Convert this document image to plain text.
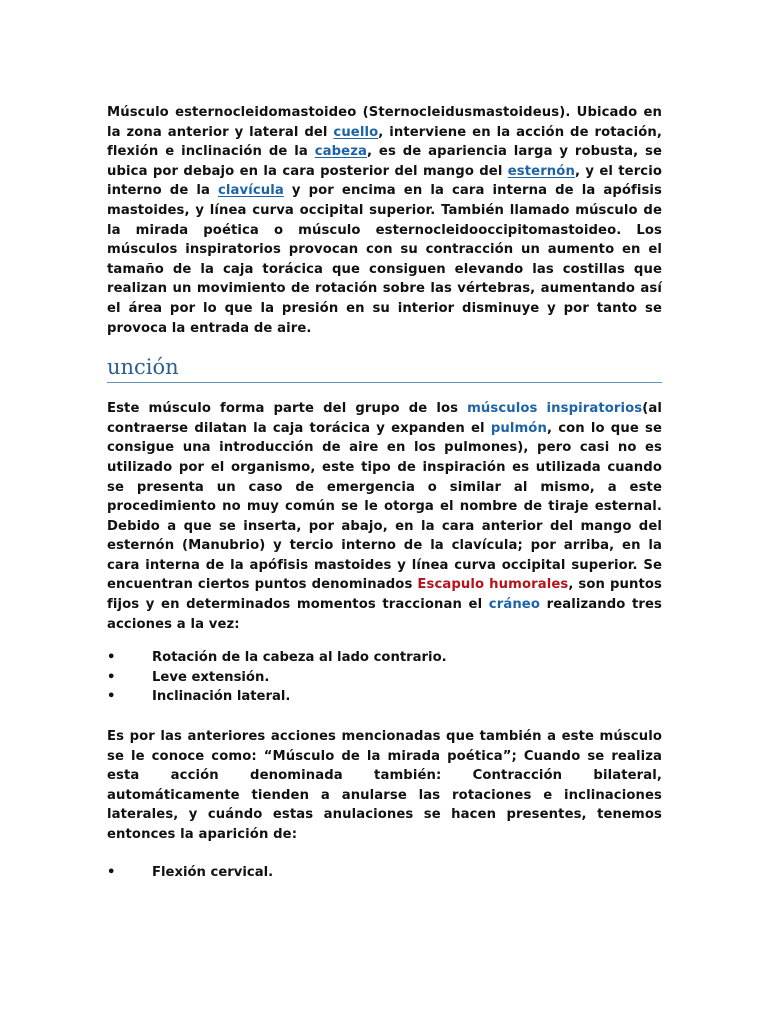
Músculo esternocleidomastoideo (Sternocleidusmastoideus). Ubicado en la zona anterior y lateral del cuello, interviene en la acción de rotación, flexión e inclinación de la cabeza, es de apariencia larga y robusta, se ubica por debajo en la cara posterior del mango del esternón, y el tercio interno de la clavícula y por encima en la cara interna de la apófisis mastoides, y línea curva occipital superior. También llamado músculo de la mirada poética o músculo esternocleidooccipitomastoideo. Los músculos inspiratorios provocan con su contracción un aumento en el tamaño de la caja torácica que consiguen elevando las costillas que realizan un movimiento de rotación sobre las vértebras, aumentando así el área por lo que la presión en su interior disminuye y por tanto se provoca la entrada de aire.

unción

Este músculo forma parte del grupo de los músculos inspiratorios(al contraerse dilatan la caja torácica y expanden el pulmón, con lo que se consigue una introducción de aire en los pulmones), pero casi no es utilizado por el organismo, este tipo de inspiración es utilizada cuando se presenta un caso de emergencia o similar al mismo, a este procedimiento no muy común se le otorga el nombre de tiraje esternal. Debido a que se inserta, por abajo, en la cara anterior del mango del esternón (Manubrio) y tercio interno de la clavícula; por arriba, en la cara interna de la apófisis mastoides y línea curva occipital superior. Se encuentran ciertos puntos denominados Escapulo humorales, son puntos fijos y en determinados momentos traccionan el cráneo realizando tres acciones a la vez:

•	Rotación de la cabeza al lado contrario.
•	Leve extensión.
•	Inclinación lateral.

Es por las anteriores acciones mencionadas que también a este músculo se le conoce como: “Músculo de la mirada poética”; Cuando se realiza esta acción denominada también: Contracción bilateral, automáticamente tienden a anularse las rotaciones e inclinaciones laterales, y cuándo estas anulaciones se hacen presentes, tenemos entonces la aparición de:

•	Flexión cervical.
